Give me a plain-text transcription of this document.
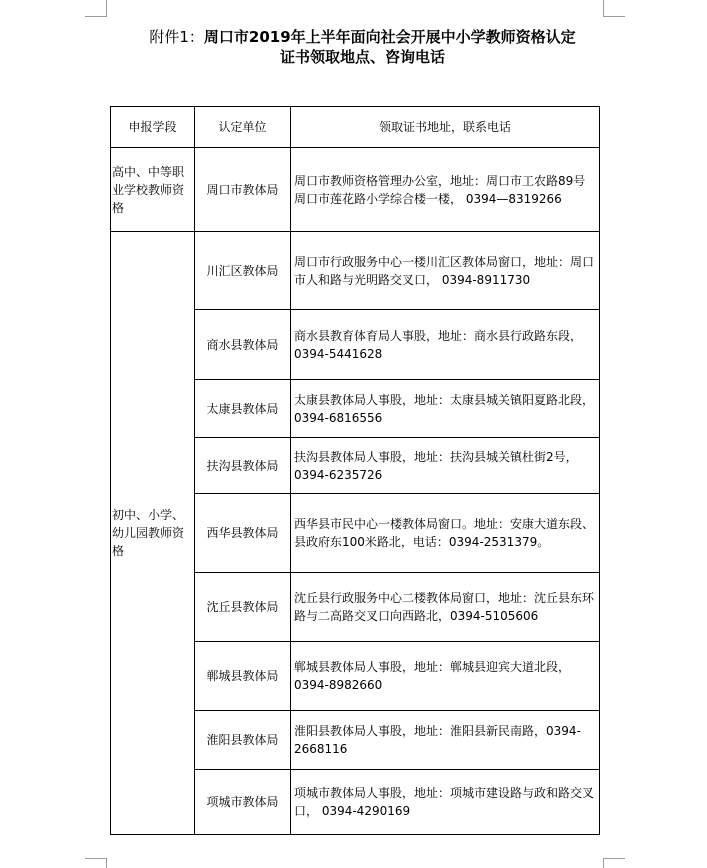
附件1：周口市2019年上半年面向社会开展中小学教师资格认定
证书领取地点、咨询电话
申报学段	认定单位	领取证书地址，联系电话
高中、中等职业学校教师资格	周口市教体局	周口市教师资格管理办公室，地址：周口市工农路89号周口市莲花路小学综合楼一楼， 0394—8319266
初中、小学、幼儿园教师资格	川汇区教体局	周口市行政服务中心一楼川汇区教体局窗口，地址：周口市人和路与光明路交叉口， 0394-8911730
	商水县教体局	商水县教育体育局人事股，地址：商水县行政路东段， 0394-5441628
	太康县教体局	太康县教体局人事股，地址：太康县城关镇阳夏路北段， 0394-6816556
	扶沟县教体局	扶沟县教体局人事股，地址：扶沟县城关镇杜街2号， 0394-6235726
	西华县教体局	西华县市民中心一楼教体局窗口。地址：安康大道东段、县政府东100米路北，电话：0394-2531379。
	沈丘县教体局	沈丘县行政服务中心二楼教体局窗口，地址：沈丘县东环路与二高路交叉口向西路北，0394-5105606
	郸城县教体局	郸城县教体局人事股，地址：郸城县迎宾大道北段， 0394-8982660
	淮阳县教体局	淮阳县教体局人事股，地址：淮阳县新民南路，0394-2668116
	项城市教体局	项城市教体局人事股，地址：项城市建设路与政和路交叉口， 0394-4290169
